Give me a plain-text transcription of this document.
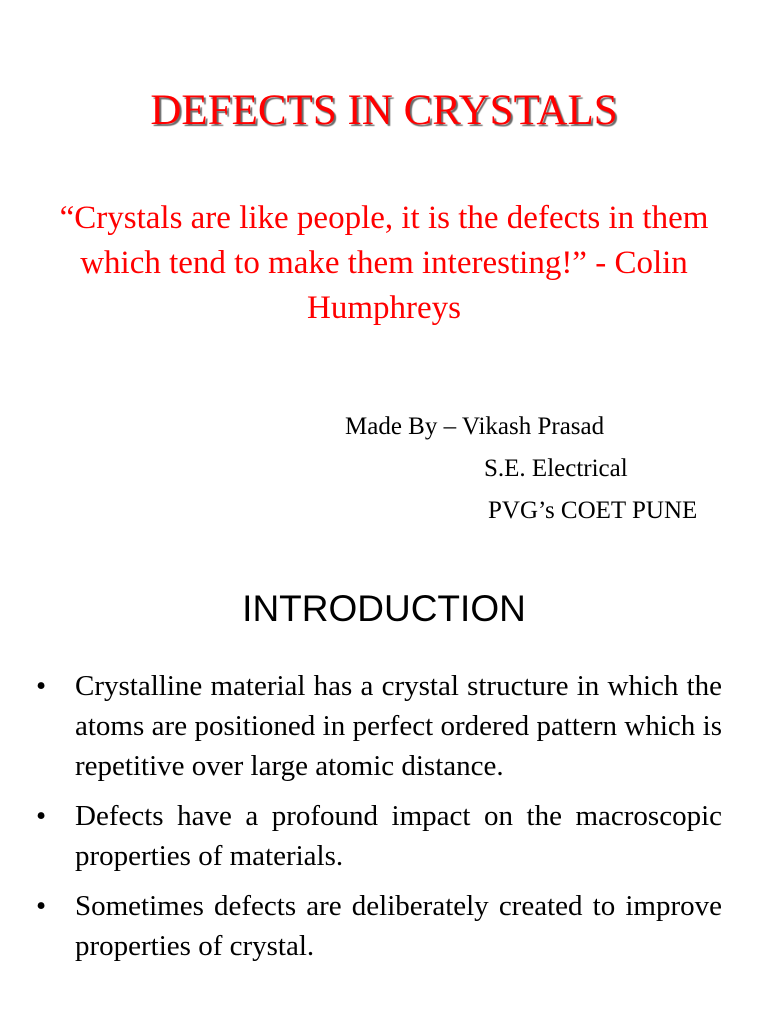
DEFECTS IN CRYSTALS

“Crystals are like people, it is the defects in them which tend to make them interesting!” - Colin Humphreys

Made By – Vikash Prasad
S.E. Electrical
PVG’s COET PUNE
INTRODUCTION
• Crystalline material has a crystal structure in which the atoms are positioned in perfect ordered pattern which is repetitive over large atomic distance.
• Defects have a profound impact on the macroscopic properties of materials.
• Sometimes defects are deliberately created to improve properties of crystal.
